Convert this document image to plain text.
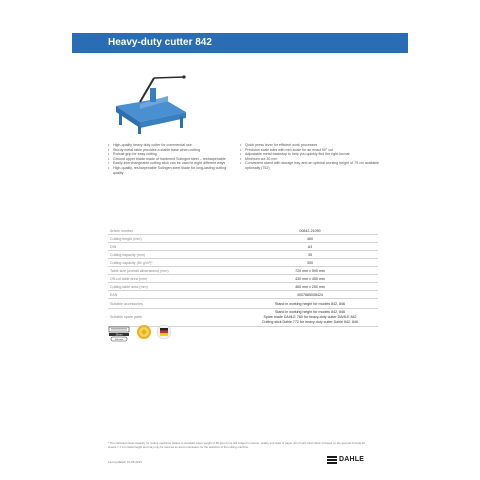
Heavy-duty cutter 842
• High-quality heavy duty cutter for commercial use
• Sturdy metal table provides a stable base when cutting
• Robust grip for easy cutting
• Ground upper blade made of hardened Solingen steel – resharpenable
• Easily interchangeable cutting stick can be used in eight different ways
• High-quality, resharpenable Solingen steel blade for long-lasting cutting quality
• Quick press lever for efficient work processes
• Precision scale bars with mm-scale for an exact 90° cut
• Adjustable metal backstop to help you quickly find the right format
• Minimum cut 30 mm
• Convenient stand with storage tray and an optimal working height of 79 cm available optionally (752)
Article number	00842-21090
Cutting length (mm)	460
DIN	A3
Cutting capacity (mm)	35
Cutting capacity (80 g/m²)*	300
Table size (overall dimensions) (mm)	720 mm x 590 mm
Off-cut table area (mm)	430 mm x 450 mm
Cutting table area (mm)	460 mm x 250 mm
EAN	4007885008424
Suitable accessories	Stand in working height for models 842, 846
Suitable spare parts	Stand in working height for models 842, 846
Spare blade DAHLE 760 for heavy-duty cutter DAHLE 842
Cutting stick Dahle 772 for heavy-duty cutter Dahle 842, 846
35mm
460 mm
* The indicated sheet capacity for cutting machines relates to standard paper weight of 80 gsm but is still subject to texture, quality and state of paper. All of such information is based on the general formula 10 sheets = 1 mm stack height and may only be used as an aid to orientation for the selection of the cutting machine.
Last updated: 10.05.2021	DAHLE
